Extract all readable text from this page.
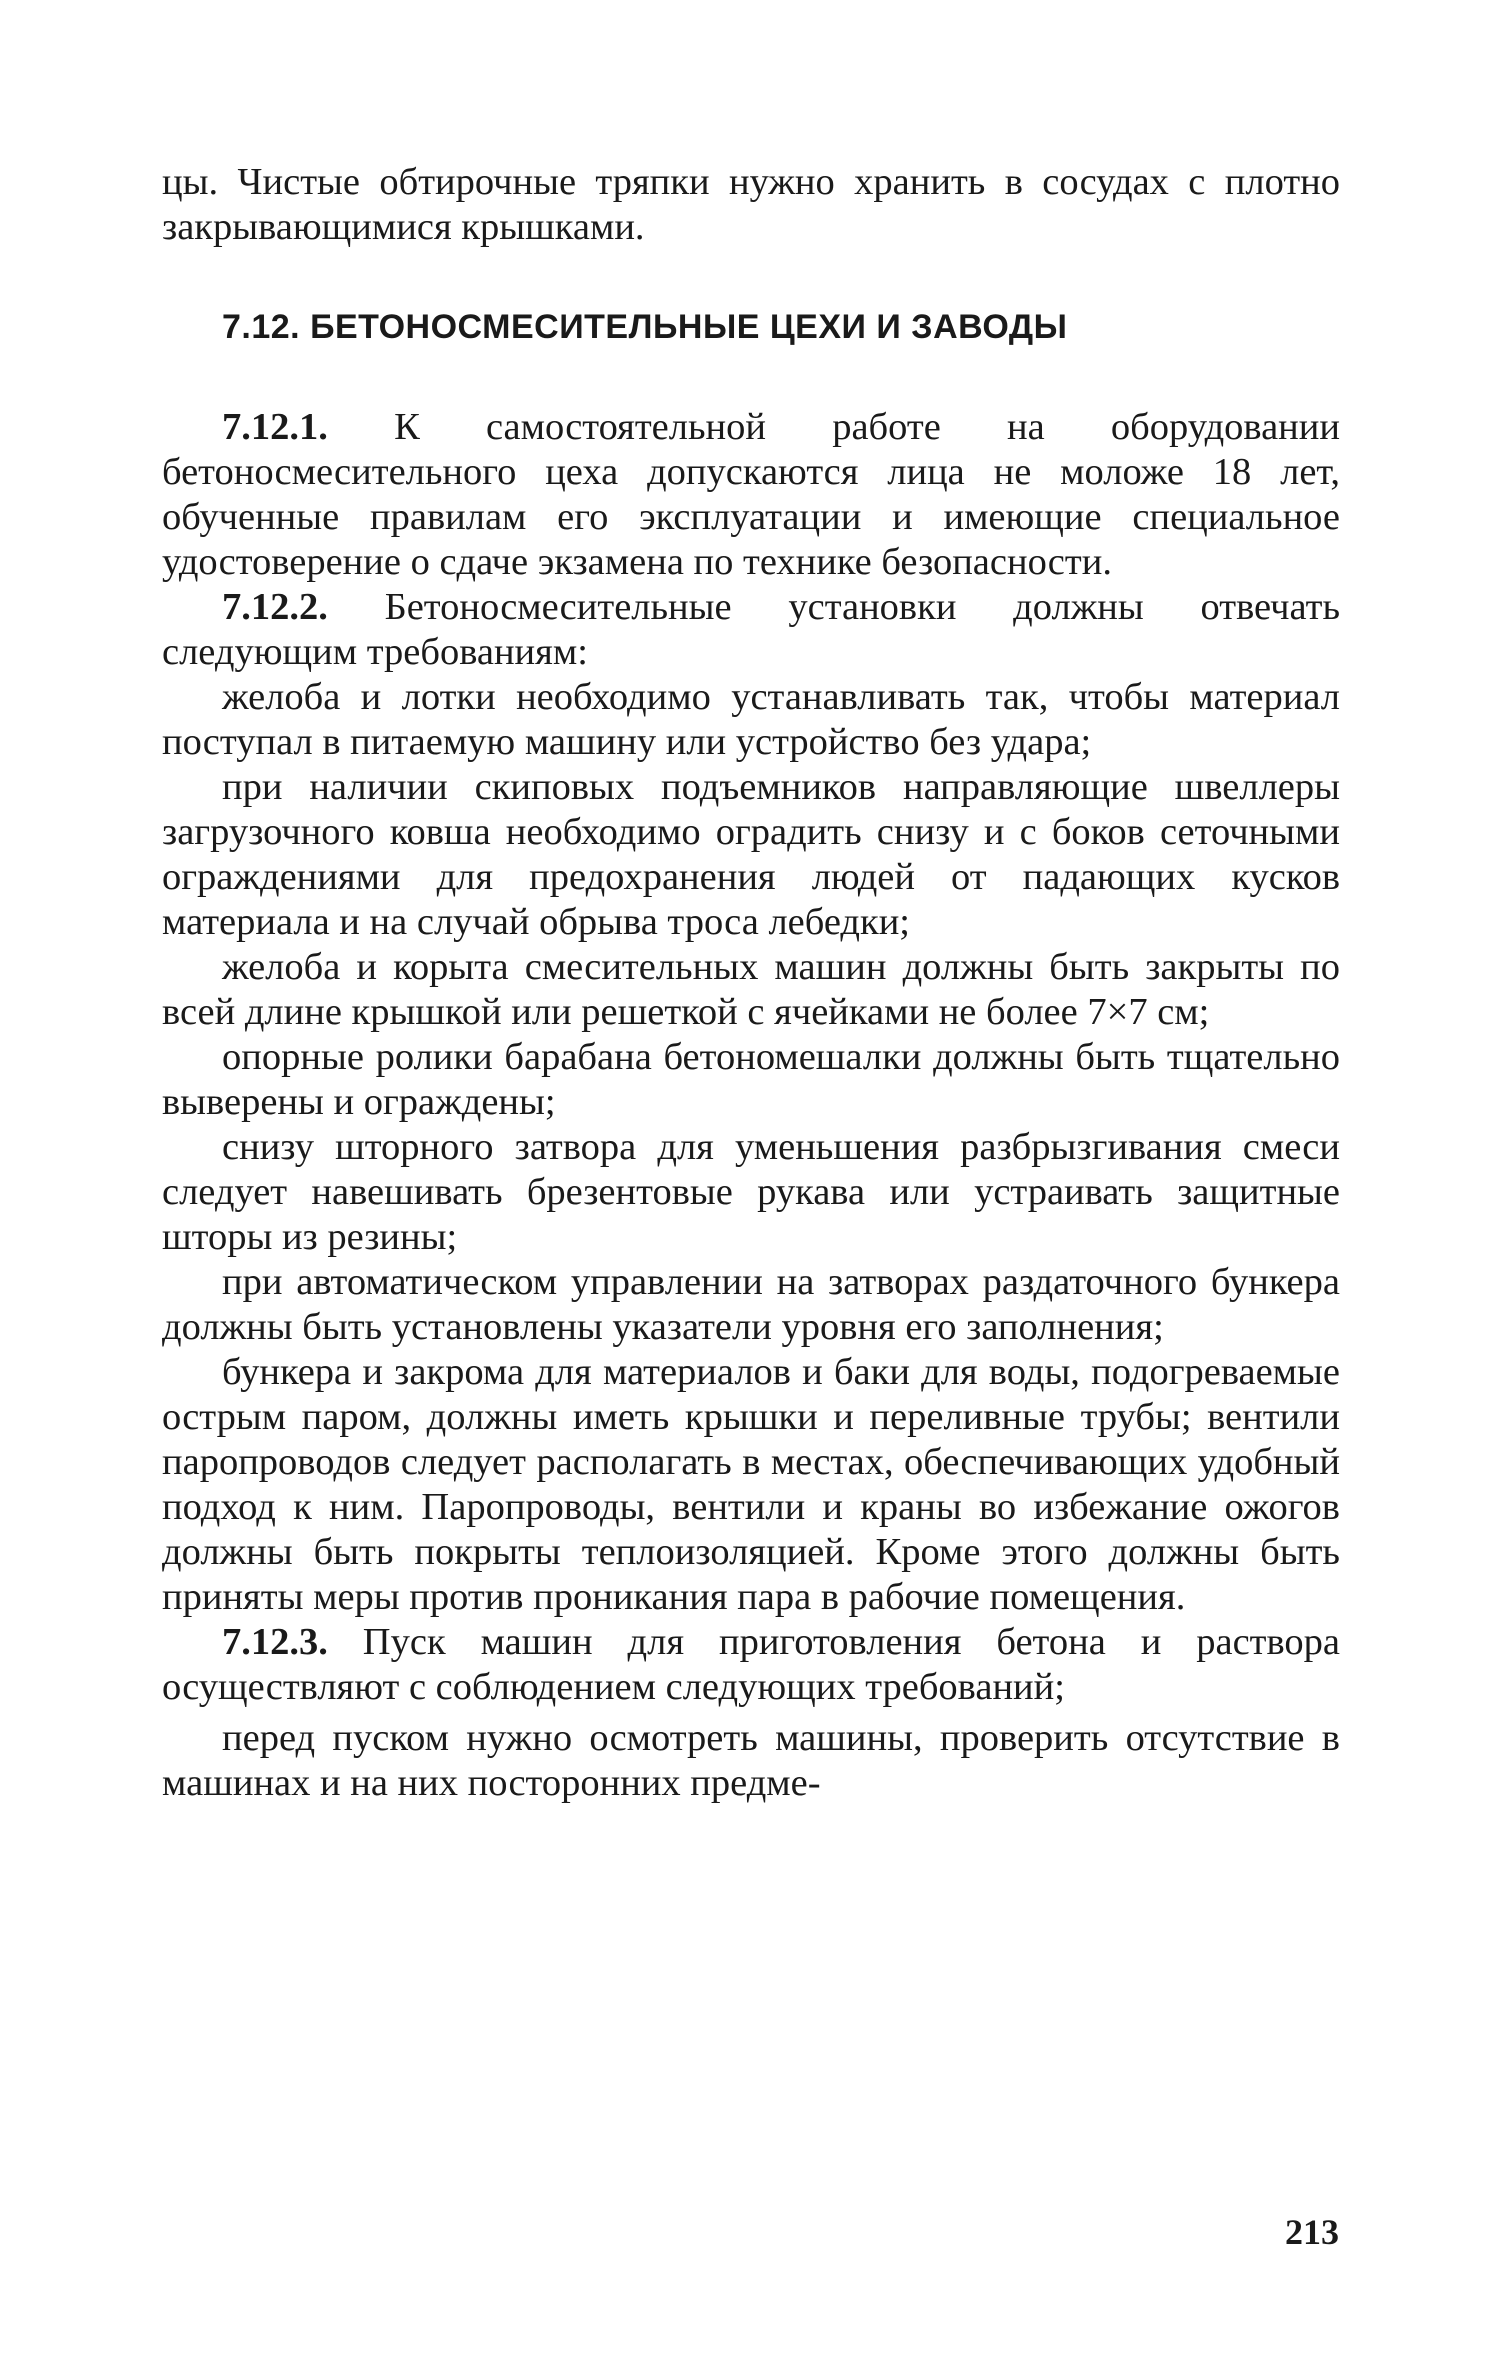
цы. Чистые обтирочные тряпки нужно хранить в сосудах с плотно закрывающимися крышками.

7.12. БЕТОНОСМЕСИТЕЛЬНЫЕ ЦЕХИ И ЗАВОДЫ

7.12.1. К самостоятельной работе на оборудовании бетоносмесительного цеха допускаются лица не моложе 18 лет, обученные правилам его эксплуатации и имеющие специальное удостоверение о сдаче экзамена по технике безопасности.

7.12.2. Бетоносмесительные установки должны отвечать следующим требованиям:

желоба и лотки необходимо устанавливать так, чтобы материал поступал в питаемую машину или устройство без удара;

при наличии скиповых подъемников направляющие швеллеры загрузочного ковша необходимо оградить снизу и с боков сеточными ограждениями для предохранения людей от падающих кусков материала и на случай обрыва троса лебедки;

желоба и корыта смесительных машин должны быть закрыты по всей длине крышкой или решеткой с ячейками не более 7×7 см;

опорные ролики барабана бетономешалки должны быть тщательно выверены и ограждены;

снизу шторного затвора для уменьшения разбрызгивания смеси следует навешивать брезентовые рукава или устраивать защитные шторы из резины;

при автоматическом управлении на затворах раздаточного бункера должны быть установлены указатели уровня его заполнения;

бункера и закрома для материалов и баки для воды, подогреваемые острым паром, должны иметь крышки и переливные трубы; вентили паропроводов следует располагать в местах, обеспечивающих удобный подход к ним. Паропроводы, вентили и краны во избежание ожогов должны быть покрыты теплоизоляцией. Кроме этого должны быть приняты меры против проникания пара в рабочие помещения.

7.12.3. Пуск машин для приготовления бетона и раствора осуществляют с соблюдением следующих требований;

перед пуском нужно осмотреть машины, проверить отсутствие в машинах и на них посторонних предме-

213
